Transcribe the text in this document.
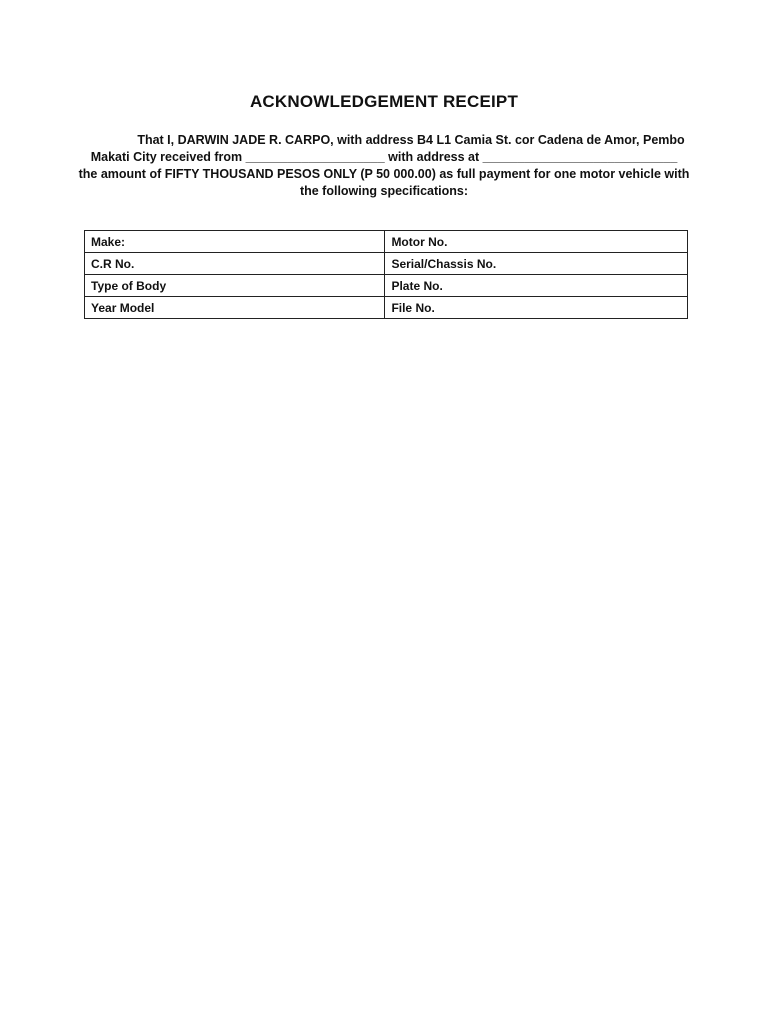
ACKNOWLEDGEMENT RECEIPT
That I, DARWIN JADE R. CARPO, with address B4 L1 Camia St. cor Cadena de Amor, Pembo
Makati City received from ____________________ with address at ____________________________
the amount of FIFTY THOUSAND PESOS ONLY (P 50 000.00) as full payment for one motor vehicle with
the following specifications:
Make:	Motor No.
C.R No.	Serial/Chassis No.
Type of Body	Plate No.
Year Model	File No.
